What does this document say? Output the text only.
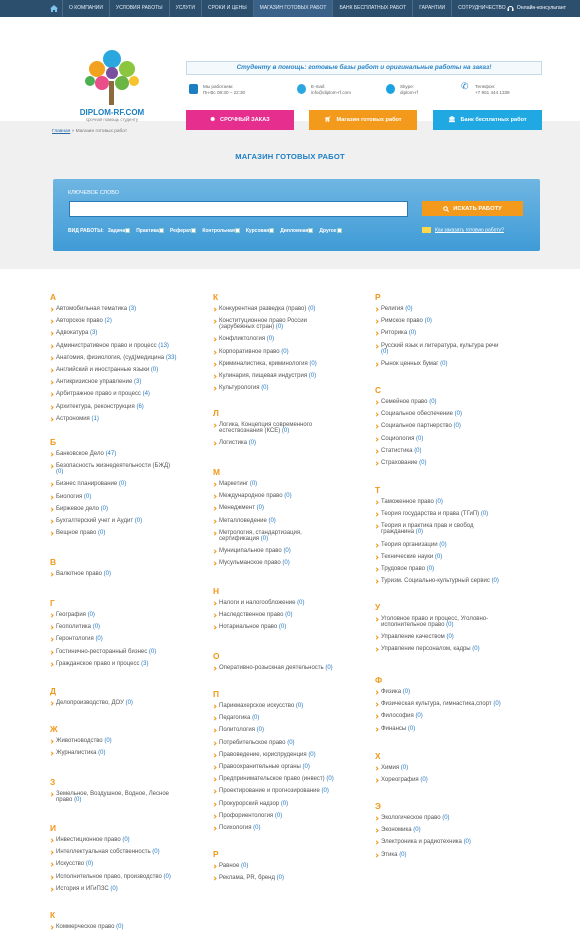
О КОМПАНИИ	УСЛОВИЯ РАБОТЫ	УСЛУГИ	СРОКИ И ЦЕНЫ	МАГАЗИН ГОТОВЫХ РАБОТ	БАНК БЕСПЛАТНЫХ РАБОТ	ГАРАНТИИ	СОТРУДНИЧЕСТВО	Онлайн-консультант
DIPLOM-RF.COM
срочная помощь студенту
Студенту в помощь: готовые базы работ и оригинальные работы на заказ!
Мы работаем:
Пн-Вс 08:30 – 22:30
E-mail:
info@diplom-rf.com
Skype:
diplom-rf
✆	Телефон:
+7 951 444 1339
✺ СРОЧНЫЙ ЗАКАЗ	🛒︎ Магазин готовых работ	🏛︎ Банк бесплатных работ
Главная » Магазин готовых работ
МАГАЗИН ГОТОВЫХ РАБОТ
КЛЮЧЕВОЕ СЛОВО
ИСКАТЬ РАБОТУ
ВИД РАБОТЫ: Задача	Практика	Реферат	Контрольная	Курсовая	Дипломная	Другое	Как заказать готовую работу?
А
Автомобильная тематика (3)
Авторское право (2)
Адвокатура (3)
Административное право и процесс (13)
Анатомия, физиология, (суд)медицина (33)
Английский и иностранные языки (0)
Антикризисное управление (3)
Арбитражное право и процесс (4)
Архитектура, реконструкция (6)
Астрономия (1)
Б
Банковское Дело (47)
Безопасность жизнедеятельности (БЖД) (0)
Бизнес планирование (0)
Биология (0)
Биржевое дело (0)
Бухгалтерский учет и Аудит (0)
Вещное право (0)
В
Валютное право (0)
Г
География (0)
Геополитика (0)
Геронтология (0)
Гостинично-ресторанный бизнес (0)
Гражданское право и процесс (3)
Д
Делопроизводство, ДОУ (0)
Ж
Животноводство (0)
Журналистика (0)
З
Земельное, Воздушное, Водное, Лесное право (0)
И
Инвестиционное право (0)
Интеллектуальная собственность (0)
Искусство (0)
Исполнительное право, производство (0)
История и ИГиПЗС (0)
К
Коммерческое право (0)
К
Конкурентная разведка (право) (0)
Конституционное право России (зарубежных стран) (0)
Конфликтология (0)
Корпоративное право (0)
Криминалистика, криминология (0)
Кулинария, пищевая индустрия (0)
Культурология (0)
Л
Логика, Концепция современного естествознания (КСЕ) (0)
Логистика (0)
М
Маркетинг (0)
Международное право (0)
Менеджмент (0)
Металловедение (0)
Метрология, стандартизация, сертификация (0)
Муниципальное право (0)
Мусульманское право (0)
Н
Налоги и налогообложение (0)
Наследственное право (0)
Нотариальное право (0)
О
Оперативно-розыскная деятельность (0)
П
Парикмахерское искусство (0)
Педагогика (0)
Политология (0)
Потребительское право (0)
Правоведение, юриспруденция (0)
Правоохранительные органы (0)
Предпринимательское право (инвест) (0)
Проектирование и прогнозирование (0)
Прокурорский надзор (0)
Профориентология (0)
Психология (0)
Р
Равное (0)
Реклама, PR, бренд (0)
Р
Религия (0)
Римское право (0)
Риторика (0)
Русский язык и литература, культура речи (0)
Рынок ценных бумаг (0)
С
Семейное право (0)
Социальное обеспечение (0)
Социальное партнерство (0)
Социология (0)
Статистика (0)
Страхование (0)
Т
Таможенное право (0)
Теория государства и права (ТГиП) (0)
Теория и практика прав и свобод гражданина (0)
Теория организации (0)
Технические науки (0)
Трудовое право (0)
Туризм. Социально-культурный сервис (0)
У
Уголовное право и процесс, Уголовно-исполнительное право (0)
Управление качеством (0)
Управление персоналом, кадры (0)
Ф
Физика (0)
Физическая культура, гимнастика,спорт (0)
Философия (0)
Финансы (0)
Х
Химия (0)
Хореография (0)
Э
Экологическое право (0)
Экономика (0)
Электроника и радиотехника (0)
Этика (0)
